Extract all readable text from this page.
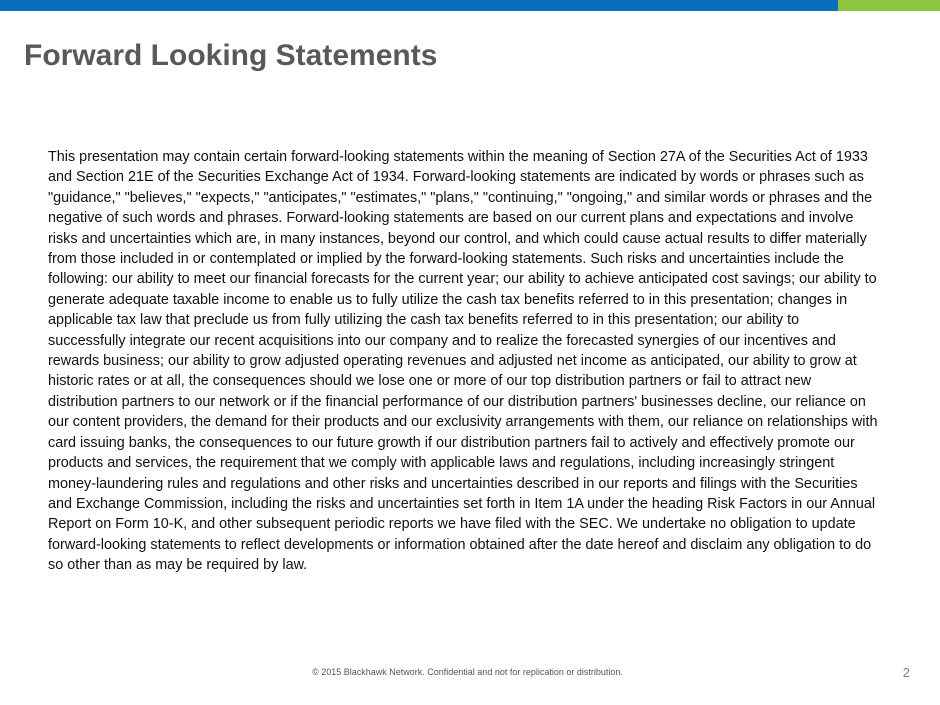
Forward Looking Statements

This presentation may contain certain forward-looking statements within the meaning of Section 27A of the Securities Act of 1933 and Section 21E of the Securities Exchange Act of 1934. Forward-looking statements are indicated by words or phrases such as "guidance," "believes," "expects," "anticipates," "estimates," "plans," "continuing," "ongoing," and similar words or phrases and the negative of such words and phrases. Forward-looking statements are based on our current plans and expectations and involve risks and uncertainties which are, in many instances, beyond our control, and which could cause actual results to differ materially from those included in or contemplated or implied by the forward-looking statements. Such risks and uncertainties include the following: our ability to meet our financial forecasts for the current year; our ability to achieve anticipated cost savings; our ability to generate adequate taxable income to enable us to fully utilize the cash tax benefits referred to in this presentation; changes in applicable tax law that preclude us from fully utilizing the cash tax benefits referred to in this presentation; our ability to successfully integrate our recent acquisitions into our company and to realize the forecasted synergies of our incentives and rewards business; our ability to grow adjusted operating revenues and adjusted net income as anticipated, our ability to grow at historic rates or at all, the consequences should we lose one or more of our top distribution partners or fail to attract new distribution partners to our network or if the financial performance of our distribution partners' businesses decline, our reliance on our content providers, the demand for their products and our exclusivity arrangements with them, our reliance on relationships with card issuing banks, the consequences to our future growth if our distribution partners fail to actively and effectively promote our products and services, the requirement that we comply with applicable laws and regulations, including increasingly stringent money-laundering rules and regulations and other risks and uncertainties described in our reports and filings with the Securities and Exchange Commission, including the risks and uncertainties set forth in Item 1A under the heading Risk Factors in our Annual Report on Form 10-K, and other subsequent periodic reports we have filed with the SEC. We undertake no obligation to update forward-looking statements to reflect developments or information obtained after the date hereof and disclaim any obligation to do so other than as may be required by law.

© 2015 Blackhawk Network. Confidential and not for replication or distribution.	2
